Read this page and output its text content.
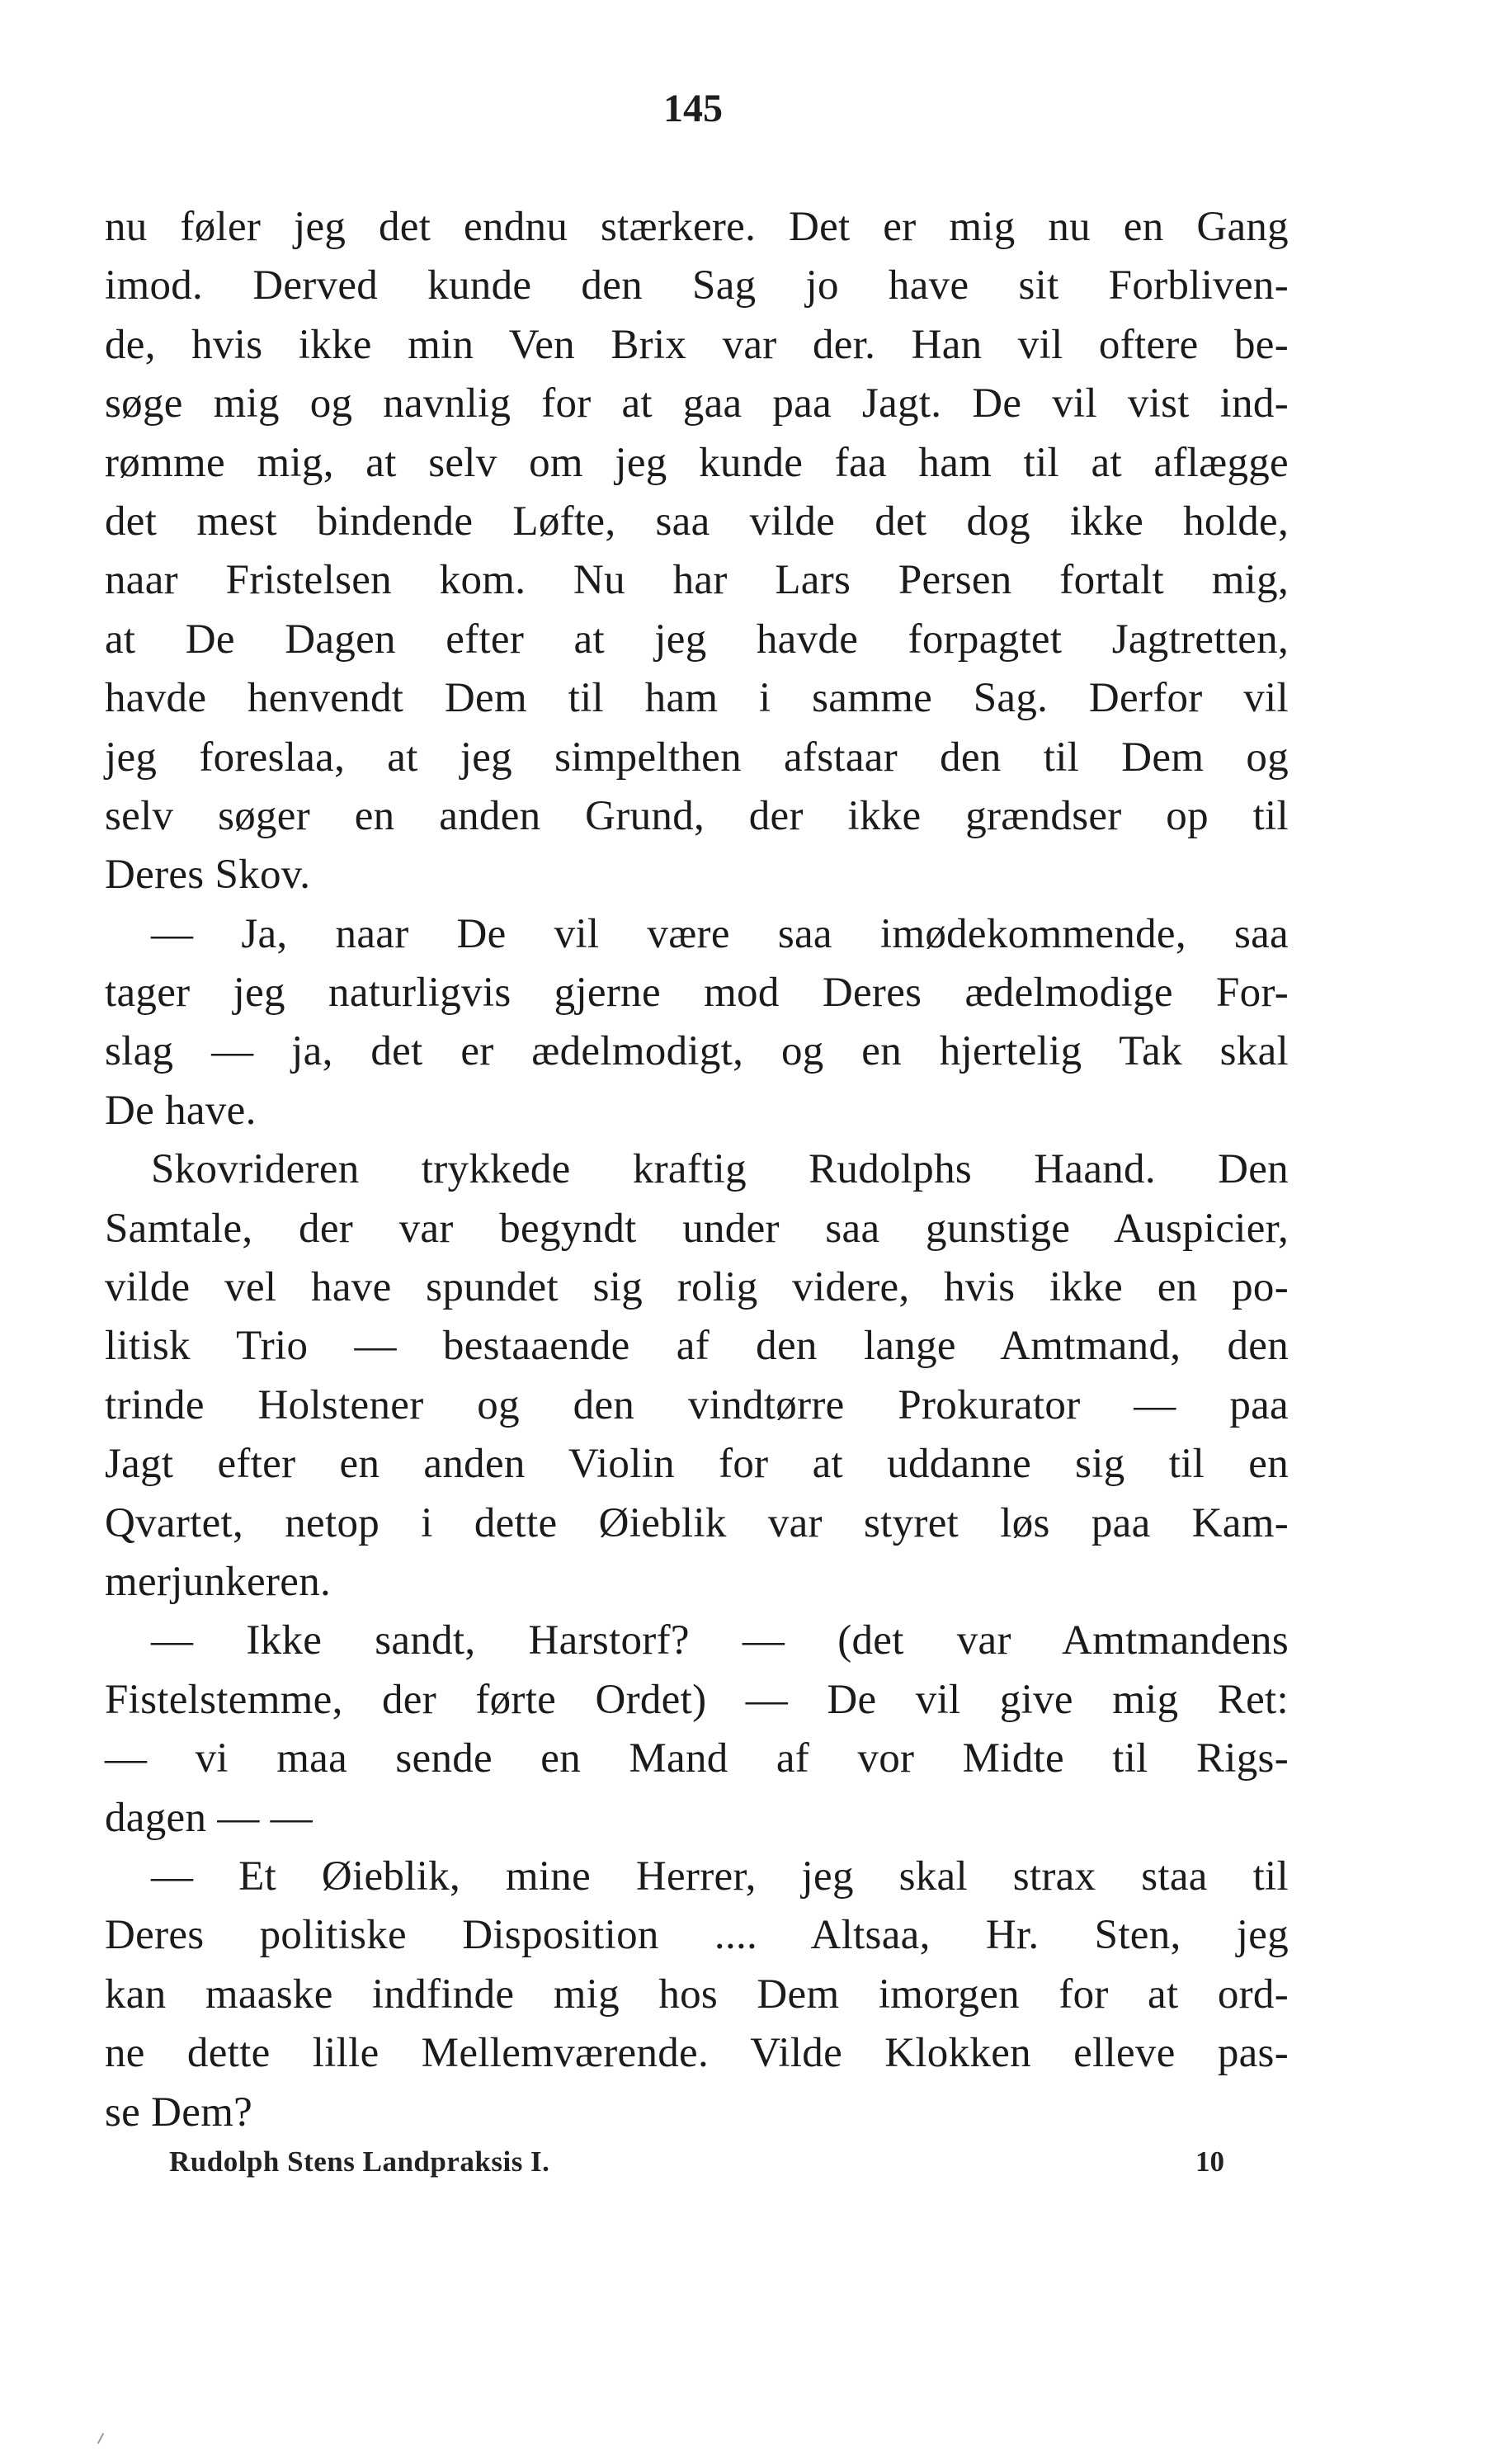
145
nu føler jeg det endnu stærkere. Det er mig nu en Gang
imod. Derved kunde den Sag jo have sit Forbliven-
de, hvis ikke min Ven Brix var der. Han vil oftere be-
søge mig og navnlig for at gaa paa Jagt. De vil vist ind-
rømme mig, at selv om jeg kunde faa ham til at aflægge
det mest bindende Løfte, saa vilde det dog ikke holde,
naar Fristelsen kom. Nu har Lars Persen fortalt mig,
at De Dagen efter at jeg havde forpagtet Jagtretten,
havde henvendt Dem til ham i samme Sag. Derfor vil
jeg foreslaa, at jeg simpelthen afstaar den til Dem og
selv søger en anden Grund, der ikke grændser op til
Deres Skov.
— Ja, naar De vil være saa imødekommende, saa
tager jeg naturligvis gjerne mod Deres ædelmodige For-
slag — ja, det er ædelmodigt, og en hjertelig Tak skal
De have.
Skovrideren trykkede kraftig Rudolphs Haand. Den
Samtale, der var begyndt under saa gunstige Auspicier,
vilde vel have spundet sig rolig videre, hvis ikke en po-
litisk Trio — bestaaende af den lange Amtmand, den
trinde Holstener og den vindtørre Prokurator — paa
Jagt efter en anden Violin for at uddanne sig til en
Qvartet, netop i dette Øieblik var styret løs paa Kam-
merjunkeren.
— Ikke sandt, Harstorf? — (det var Amtmandens
Fistelstemme, der førte Ordet) — De vil give mig Ret:
— vi maa sende en Mand af vor Midte til Rigs-
dagen — —
— Et Øieblik, mine Herrer, jeg skal strax staa til
Deres politiske Disposition .... Altsaa, Hr. Sten, jeg
kan maaske indfinde mig hos Dem imorgen for at ord-
ne dette lille Mellemværende. Vilde Klokken elleve pas-
se Dem?
Rudolph Stens Landpraksis I.	10
